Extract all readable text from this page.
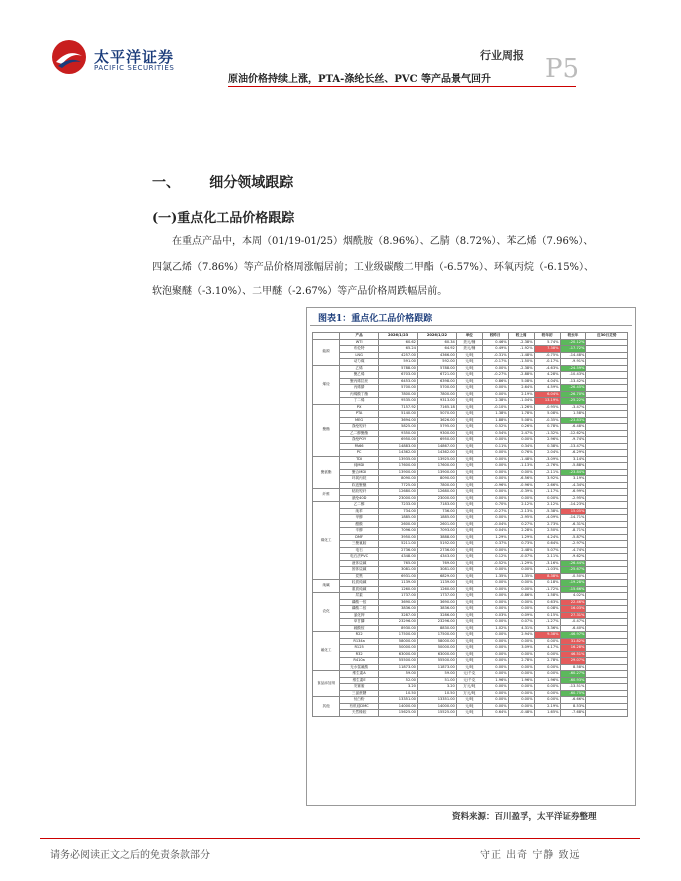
太平洋证券
PACIFIC SECURITIES
行业周报
原油价格持续上涨，PTA-涤纶长丝、PVC 等产品景气回升 P5
一、      细分领域跟踪
(一)重点化工品价格跟踪
在重点产品中，本周（01/19-01/25）烟酰胺（8.96%）、乙腈（8.72%）、苯乙烯（7.96%）、
四氯乙烯（7.86%）等产品价格周涨幅居前；工业级碳酸二甲酯（-6.57%）、环氧丙烷（-6.15%）、
软泡聚醚（-3.10%）、二甲醚（-2.67%）等产品价格周跌幅居前。
图表1：重点化工品价格跟踪
	产品	2026/1/23	2026/1/22	单位	较昨日	较上周	较年初	较去年	近30日走势
能源	WTI	60.62	60.34	美元/桶	0.46%	-2.38%	5.74%	-20.12%	
	布伦特	65.24	64.92	美元/桶	0.49%	-1.92%	7.38%	-17.72%	
	LNG	4257.00	4366.00	元/吨	-0.31%	-1.48%	-0.75%	-14.48%	
	动力煤	591.00	592.00	元/吨	-0.17%	-1.50%	-0.17%	-9.91%	
烯烃	乙烯	5788.00	5788.00	元/吨	0.00%	-2.38%	-4.63%	-24.59%	
	聚乙烯	6703.00	6721.00	元/吨	-0.27%	-2.88%	4.28%	-10.43%	
	聚丙烯拉丝	6453.00	6398.00	元/吨	0.86%	5.08%	4.04%	-13.42%	
	丙烯腈	5700.00	5700.00	元/吨	0.00%	2.64%	4.59%	-26.45%	
	丙烯酸丁酯	7800.00	7800.00	元/吨	0.00%	2.19%	6.04%	-26.70%	
	丁二烯	9535.00	9313.00	元/吨	2.38%	-1.04%	13.19%	-25.22%	
聚酯	PX	7157.92	7165.18	元/吨	-0.10%	-1.26%	-0.95%	-3.47%	
	PTA	5140.00	5070.00	元/吨	1.38%	1.78%	5.08%	1.58%	
	MEG	3694.00	3626.00	元/吨	1.88%	5.08%	-0.35%	-23.83%	
	涤纶短纤	5825.00	5795.00	元/吨	0.52%	0.26%	0.78%	-6.48%	
	乙二醇聚酯	9350.00	9300.00	元/吨	0.54%	2.47%	-1.32%	-12.62%	
	涤纶POY	6950.00	6950.00	元/吨	0.00%	0.00%	2.96%	-9.74%	
	PA66	14883.00	14867.00	元/吨	0.11%	0.34%	0.38%	-13.47%	
	PC	14362.00	14362.00	元/吨	0.00%	0.76%	2.04%	-6.29%	
聚氨酯	TDI	13935.00	13925.00	元/吨	0.00%	-1.48%	-3.09%	3.14%	
	纯MDI	17600.00	17600.00	元/吨	0.00%	-1.13%	-2.76%	-5.88%	
	聚合MDI	13900.00	13900.00	元/吨	0.00%	0.00%	-2.11%	-23.84%	
	环氧丙烷	8090.00	8090.00	元/吨	0.00%	-6.56%	3.92%	3.19%	
	软泡聚醚	7725.00	7800.00	元/吨	-0.96%	-0.96%	2.66%	-4.34%	
纤维	粘胶短纤	12680.00	12680.00	元/吨	0.00%	-0.39%	-1.17%	-6.99%	
	氨纶40D	23000.00	23000.00	元/吨	0.00%	0.00%	0.00%	-2.95%	
煤化工	乙二醇	7233.00	7183.00	元/吨	0.70%	2.12%	2.12%	-14.23%	
	纯苯	734.00	736.00	元/吨	-0.27%	-2.13%	-5.38%	15.05%	
	甲醇	1885.00	1885.00	元/吨	0.00%	-2.95%	-4.09%	-14.71%	
	醋酸	2600.00	2601.00	元/吨	-0.04%	0.27%	2.73%	-6.31%	
	辛醇	7096.00	7093.00	元/吨	0.04%	2.28%	2.50%	-8.71%	
	DMF	3950.00	3888.00	元/吨	1.29%	1.29%	4.24%	-5.87%	
	三聚氰胺	5211.00	5192.00	元/吨	0.37%	0.73%	0.64%	-2.97%	
	电石	2736.00	2736.00	元/吨	0.00%	2.48%	5.07%	-4.74%	
	电石法PVC	4348.00	4343.00	元/吨	0.12%	-0.07%	2.11%	-9.62%	
	液体烧碱	765.00	769.00	元/吨	-0.52%	-1.29%	-3.16%	-26.44%	
	固体烧碱	3081.00	3081.00	元/吨	0.00%	0.00%	-1.03%	-25.67%	
	炭黑	6931.00	6829.00	元/吨	1.35%	1.35%	8.38%	-0.50%	
纯碱	轻质纯碱	1139.00	1139.00	元/吨	0.00%	0.00%	0.18%	-19.28%	
	重质纯碱	1260.00	1260.00	元/吨	0.00%	0.00%	-1.72%	-15.66%	
农化	尿素	1737.00	1737.00	元/吨	0.00%	-0.86%	1.58%	4.02%	
	磷酸一铵	3690.00	3690.00	元/吨	0.00%	0.00%	0.63%	22.46%	
	磷酸二铵	3836.00	3836.00	元/吨	0.00%	0.00%	0.08%	16.03%	
	氯化钾	3287.00	3286.00	元/吨	0.03%	0.09%	0.15%	27.31%	
	草甘膦	23296.00	23296.00	元/吨	0.00%	0.07%	-1.27%	-0.47%	
	硫酸铵	8930.00	8830.00	元/吨	1.02%	4.31%	3.36%	-6.40%	
氟化工	R22	17500.00	17500.00	元/吨	0.00%	2.94%	9.38%	-46.97%	
	R134a	58000.00	58000.00	元/吨	0.00%	0.00%	0.00%	31.82%	
	R125	50000.00	50000.00	元/吨	0.00%	3.09%	4.17%	16.28%	
	R32	63000.00	63000.00	元/吨	0.00%	0.00%	0.00%	46.51%	
	R410a	55500.00	55500.00	元/吨	0.00%	2.78%	2.78%	29.07%	
	无水氢氟酸	11873.00	11873.00	元/吨	0.00%	0.00%	0.00%	8.58%	
食品添加剂	维生素A	59.00	59.00	元/千克	0.00%	0.00%	0.00%	-60.27%	
	维生素E	52.00	51.00	元/千克	1.96%	1.96%	1.96%	-60.93%	
	安赛蜜	3.20	3.20	万元/吨	0.00%	0.00%	0.00%	-13.51%	
	三氯蔗糖	10.50	10.50	万元/吨	0.00%	0.00%	0.00%	-60.75%	
其他	钛白粉	13351.00	13351.00	元/吨	0.00%	0.00%	0.00%	-6.66%	
	有机硅DMC	14000.00	14000.00	元/吨	0.00%	0.00%	2.19%	8.53%	
	天然橡胶	15625.00	15525.00	元/吨	0.64%	-0.48%	1.65%	-7.68%	
资料来源：百川盈孚，太平洋证券整理
请务必阅读正文之后的免责条款部分	守正 出奇 宁静 致远
